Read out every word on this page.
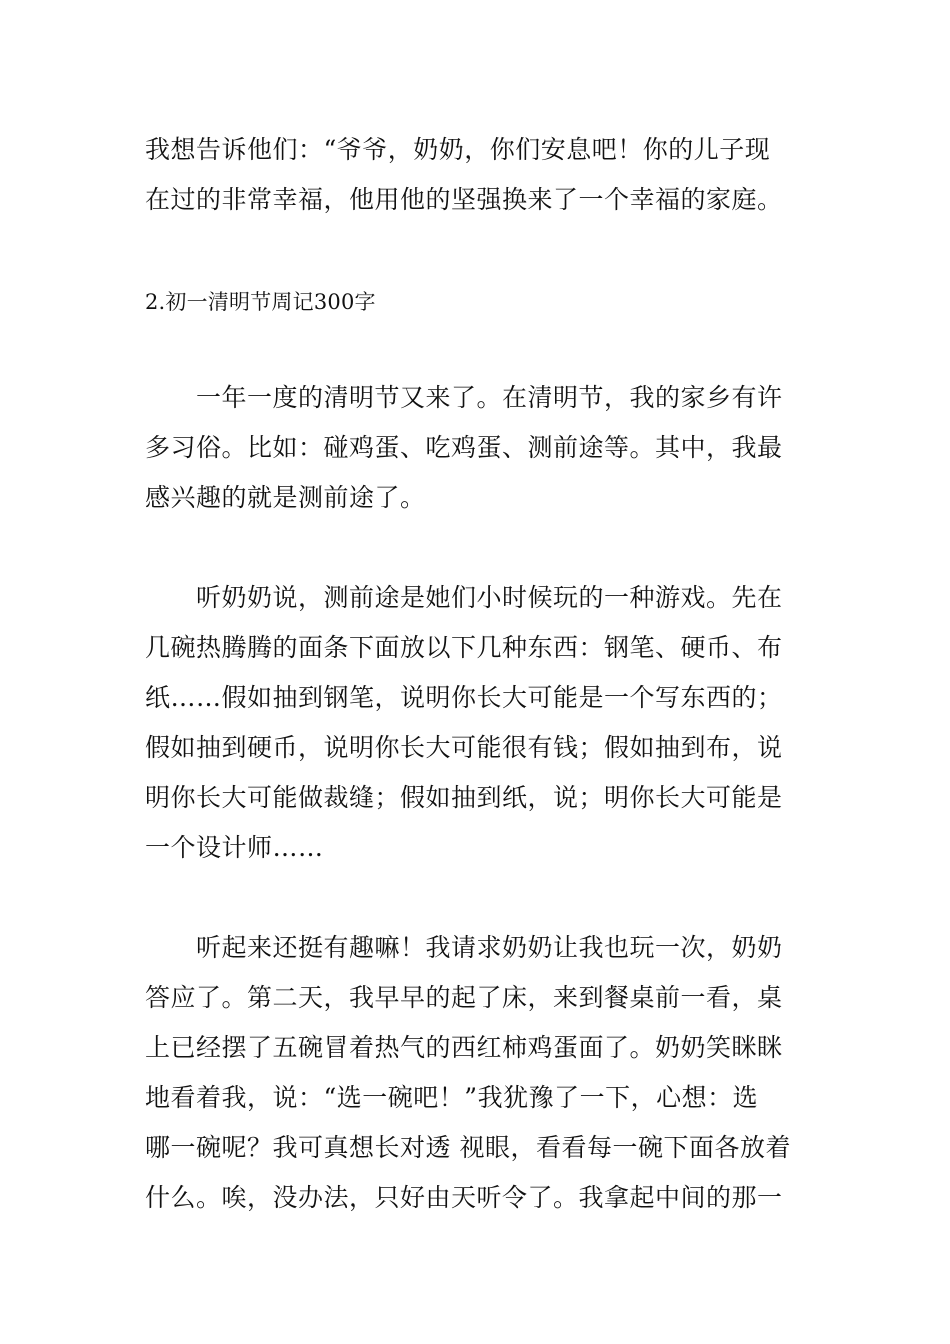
我想告诉他们：“爷爷，奶奶，你们安息吧！你的儿子现
在过的非常幸福，他用他的坚强换来了一个幸福的家庭。
2.初一清明节周记300字
　　一年一度的清明节又来了。在清明节，我的家乡有许
多习俗。比如：碰鸡蛋、吃鸡蛋、测前途等。其中，我最
感兴趣的就是测前途了。
　　听奶奶说，测前途是她们小时候玩的一种游戏。先在
几碗热腾腾的面条下面放以下几种东西：钢笔、硬币、布
纸……假如抽到钢笔，说明你长大可能是一个写东西的；
假如抽到硬币，说明你长大可能很有钱；假如抽到布，说
明你长大可能做裁缝；假如抽到纸，说；明你长大可能是
一个设计师……
　　听起来还挺有趣嘛！我请求奶奶让我也玩一次，奶奶
答应了。第二天，我早早的起了床，来到餐桌前一看，桌
上已经摆了五碗冒着热气的西红柿鸡蛋面了。奶奶笑眯眯
地看着我，说：“选一碗吧！”我犹豫了一下，心想：选
哪一碗呢？我可真想长对透 视眼，看看每一碗下面各放着
什么。唉，没办法，只好由天听令了。我拿起中间的那一
